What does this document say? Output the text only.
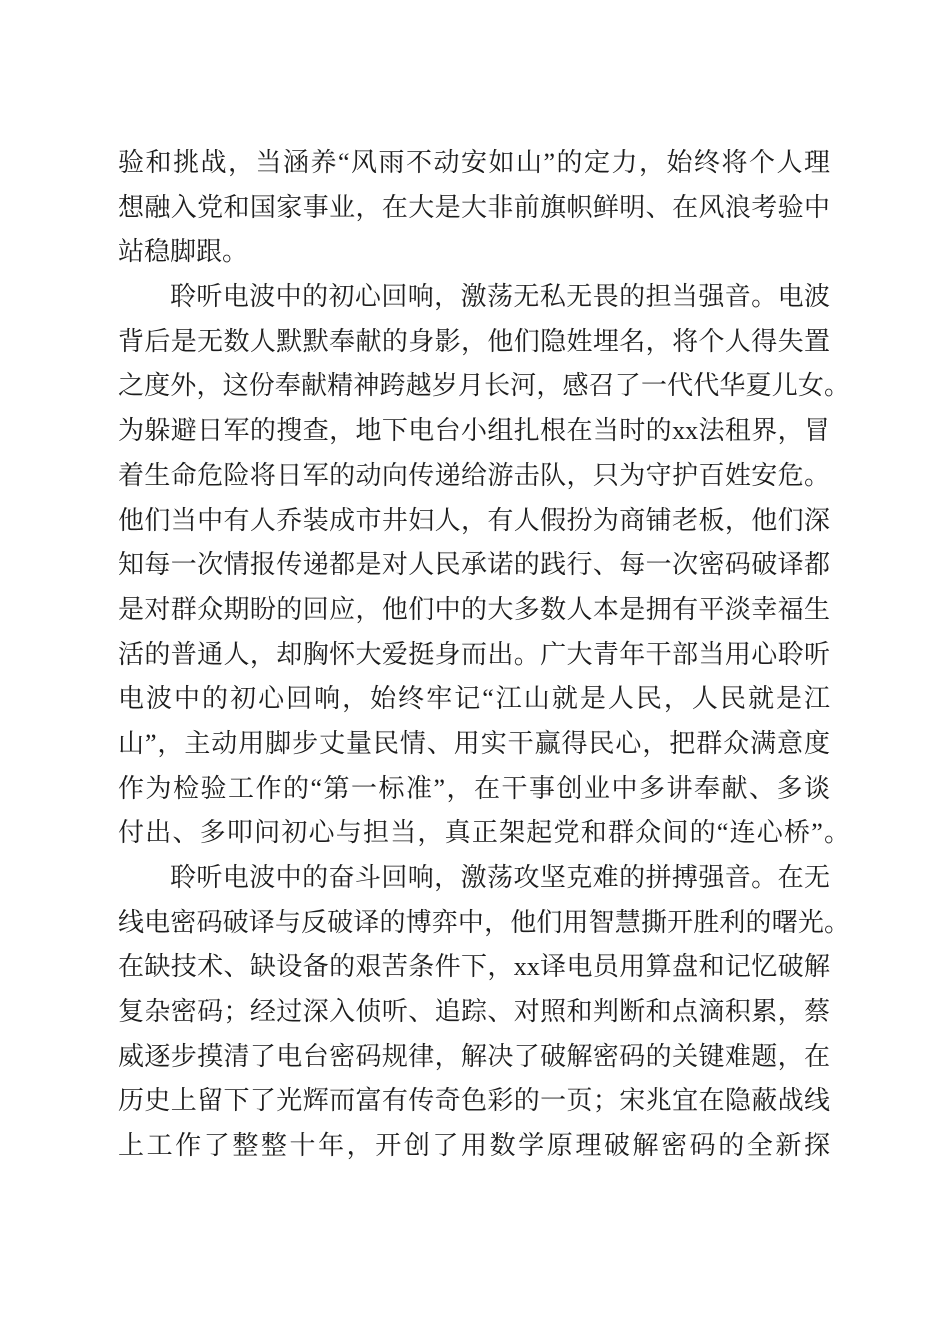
验和挑战，当涵养“风雨不动安如山”的定力，始终将个人理
想融入党和国家事业，在大是大非前旗帜鲜明、在风浪考验中
站稳脚跟。
聆听电波中的初心回响，激荡无私无畏的担当强音。电波
背后是无数人默默奉献的身影，他们隐姓埋名，将个人得失置
之度外，这份奉献精神跨越岁月长河，感召了一代代华夏儿女。
为躲避日军的搜查，地下电台小组扎根在当时的xx法租界，冒
着生命危险将日军的动向传递给游击队，只为守护百姓安危。
他们当中有人乔装成市井妇人，有人假扮为商铺老板，他们深
知每一次情报传递都是对人民承诺的践行、每一次密码破译都
是对群众期盼的回应，他们中的大多数人本是拥有平淡幸福生
活的普通人，却胸怀大爱挺身而出。广大青年干部当用心聆听
电波中的初心回响，始终牢记“江山就是人民，人民就是江
山”，主动用脚步丈量民情、用实干赢得民心，把群众满意度
作为检验工作的“第一标准”，在干事创业中多讲奉献、多谈
付出、多叩问初心与担当，真正架起党和群众间的“连心桥”。
聆听电波中的奋斗回响，激荡攻坚克难的拼搏强音。在无
线电密码破译与反破译的博弈中，他们用智慧撕开胜利的曙光。
在缺技术、缺设备的艰苦条件下，xx译电员用算盘和记忆破解
复杂密码；经过深入侦听、追踪、对照和判断和点滴积累，蔡
威逐步摸清了电台密码规律，解决了破解密码的关键难题，在
历史上留下了光辉而富有传奇色彩的一页；宋兆宜在隐蔽战线
上工作了整整十年，开创了用数学原理破解密码的全新探
